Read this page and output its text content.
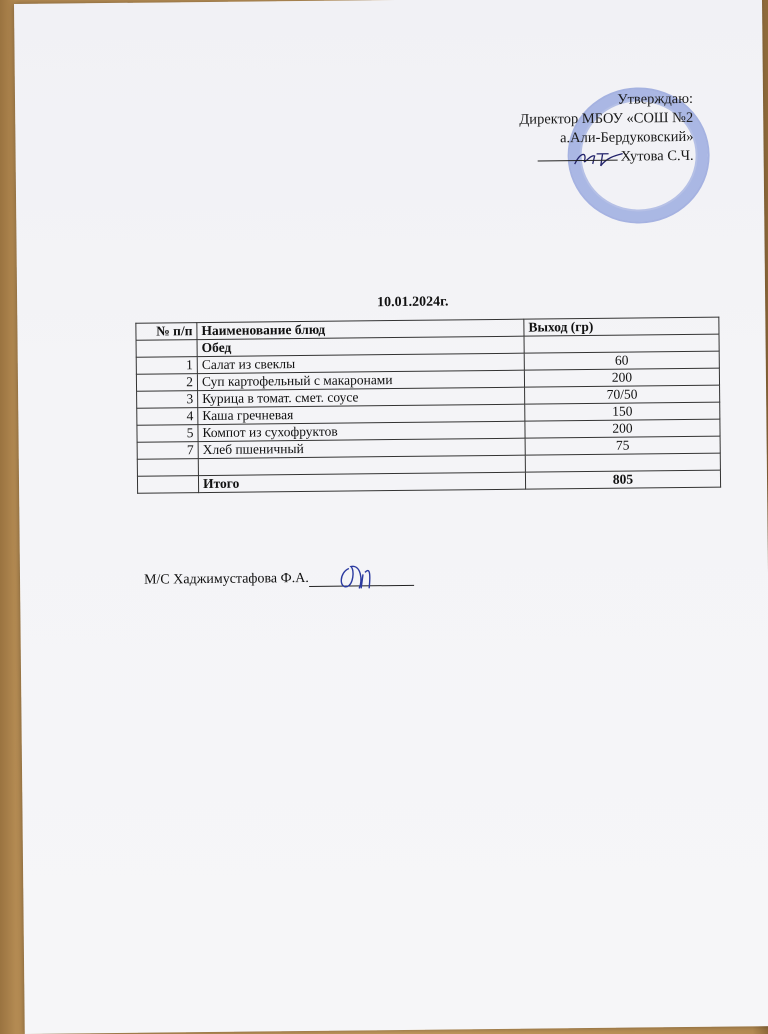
Утверждаю:
Директор МБОУ «СОШ №2
а.Али-Бердуковский»
Хутова С.Ч.
10.01.2024г.
№ п/п	Наименование блюд	Выход (гр)
	Обед	
1	Салат из свеклы	60
2	Суп картофельный с макаронами	200
3	Курица в томат. смет. соусе	70/50
4	Каша гречневая	150
5	Компот из сухофруктов	200
7	Хлеб пшеничный	75

	Итого	805
М/С Хаджимустафова Ф.А.
